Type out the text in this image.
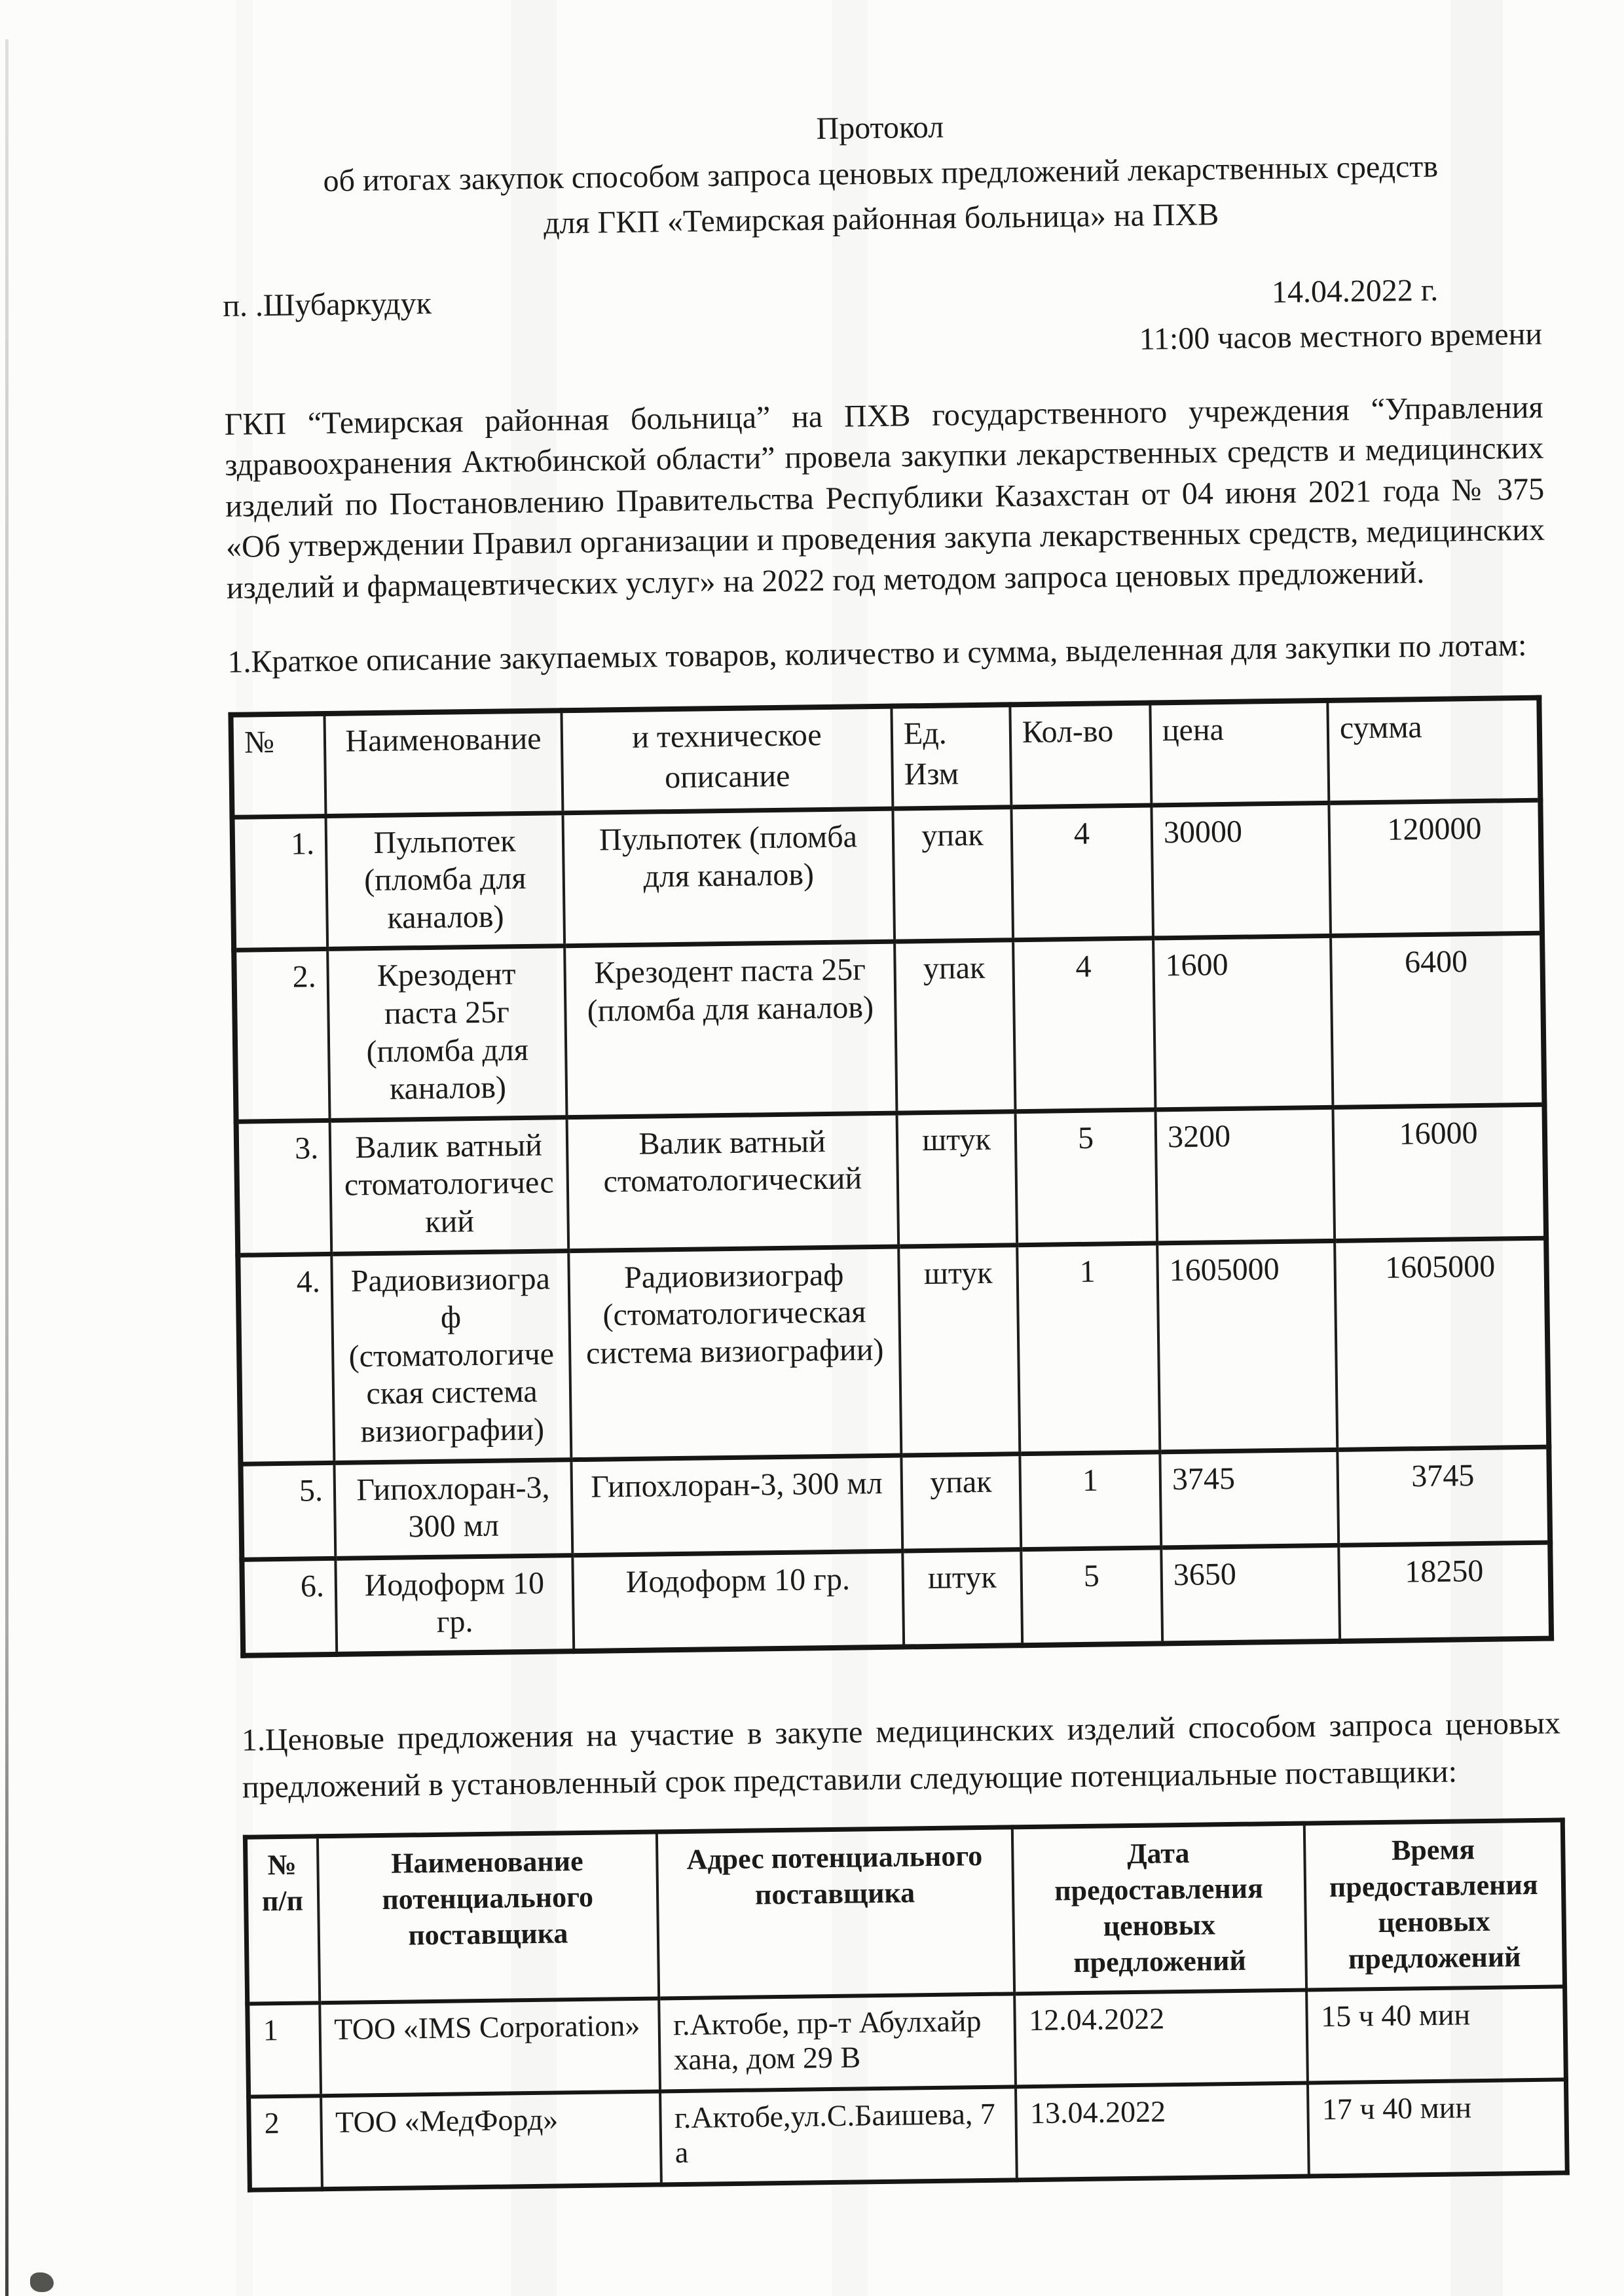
Протокол
об итогах закупок способом запроса ценовых предложений лекарственных средств
для ГКП «Темирская районная больница» на ПХВ
п. .Шубаркудук	14.04.2022 г.
11:00 часов местного времени

ГКП “Темирская районная больница” на ПХВ государственного учреждения “Управления здравоохранения Актюбинской области” провела закупки лекарственных средств и медицинских изделий по Постановлению Правительства Республики Казахстан от 04 июня 2021 года № 375 «Об утверждении Правил организации и проведения закупа лекарственных средств, медицинских изделий и фармацевтических услуг» на 2022 год методом запроса ценовых предложений.

1.Краткое описание закупаемых товаров, количество и сумма, выделенная для закупки по лотам:

№	Наименование	и техническое описание	Ед. Изм	Кол-во	цена	сумма
1.	Пульпотек (пломба для каналов)	Пульпотек (пломба для каналов)	упак	4	30000	120000
2.	Крезодент паста 25г (пломба для каналов)	Крезодент паста 25г (пломба для каналов)	упак	4	1600	6400
3.	Валик ватный стоматологический	Валик ватный стоматологический	штук	5	3200	16000
4.	Радиовизиограф (стоматологическая система визиографии)	Радиовизиограф (стоматологическая система визиографии)	штук	1	1605000	1605000
5.	Гипохлоран-3, 300 мл	Гипохлоран-3, 300 мл	упак	1	3745	3745
6.	Иодоформ 10 гр.	Иодоформ 10 гр.	штук	5	3650	18250

1.Ценовые предложения на участие в закупе медицинских изделий способом запроса ценовых предложений в установленный срок представили следующие потенциальные поставщики:

№ п/п	Наименование потенциального поставщика	Адрес потенциального поставщика	Дата предоставления ценовых предложений	Время предоставления ценовых предложений
1	ТОО «IMS Corporation»	г.Актобе, пр-т Абулхайр хана, дом 29 В	12.04.2022	15 ч 40 мин
2	ТОО «МедФорд»	г.Актобе,ул.С.Баишева, 7 а	13.04.2022	17 ч 40 мин
